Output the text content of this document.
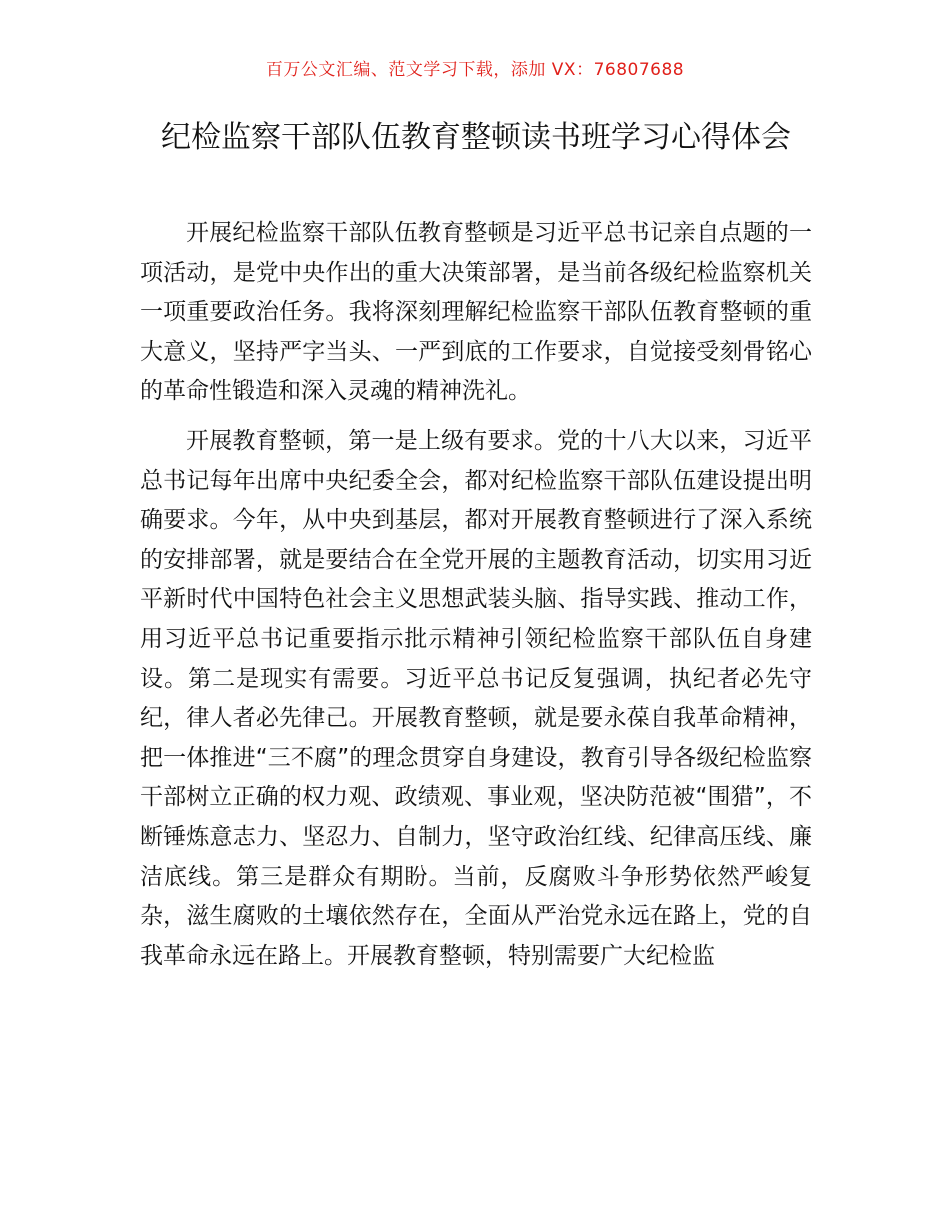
百万公文汇编、范文学习下载，添加 VX：76807688
纪检监察干部队伍教育整顿读书班学习心得体会

开展纪检监察干部队伍教育整顿是习近平总书记亲自点题的一项活动，是党中央作出的重大决策部署，是当前各级纪检监察机关一项重要政治任务。我将深刻理解纪检监察干部队伍教育整顿的重大意义，坚持严字当头、一严到底的工作要求，自觉接受刻骨铭心的革命性锻造和深入灵魂的精神洗礼。

开展教育整顿，第一是上级有要求。党的十八大以来，习近平总书记每年出席中央纪委全会，都对纪检监察干部队伍建设提出明确要求。今年，从中央到基层，都对开展教育整顿进行了深入系统的安排部署，就是要结合在全党开展的主题教育活动，切实用习近平新时代中国特色社会主义思想武装头脑、指导实践、推动工作，用习近平总书记重要指示批示精神引领纪检监察干部队伍自身建设。第二是现实有需要。习近平总书记反复强调，执纪者必先守纪，律人者必先律己。开展教育整顿，就是要永葆自我革命精神，把一体推进“三不腐”的理念贯穿自身建设，教育引导各级纪检监察干部树立正确的权力观、政绩观、事业观，坚决防范被“围猎”，不断锤炼意志力、坚忍力、自制力，坚守政治红线、纪律高压线、廉洁底线。第三是群众有期盼。当前，反腐败斗争形势依然严峻复杂，滋生腐败的土壤依然存在，全面从严治党永远在路上，党的自我革命永远在路上。开展教育整顿，特别需要广大纪检监
